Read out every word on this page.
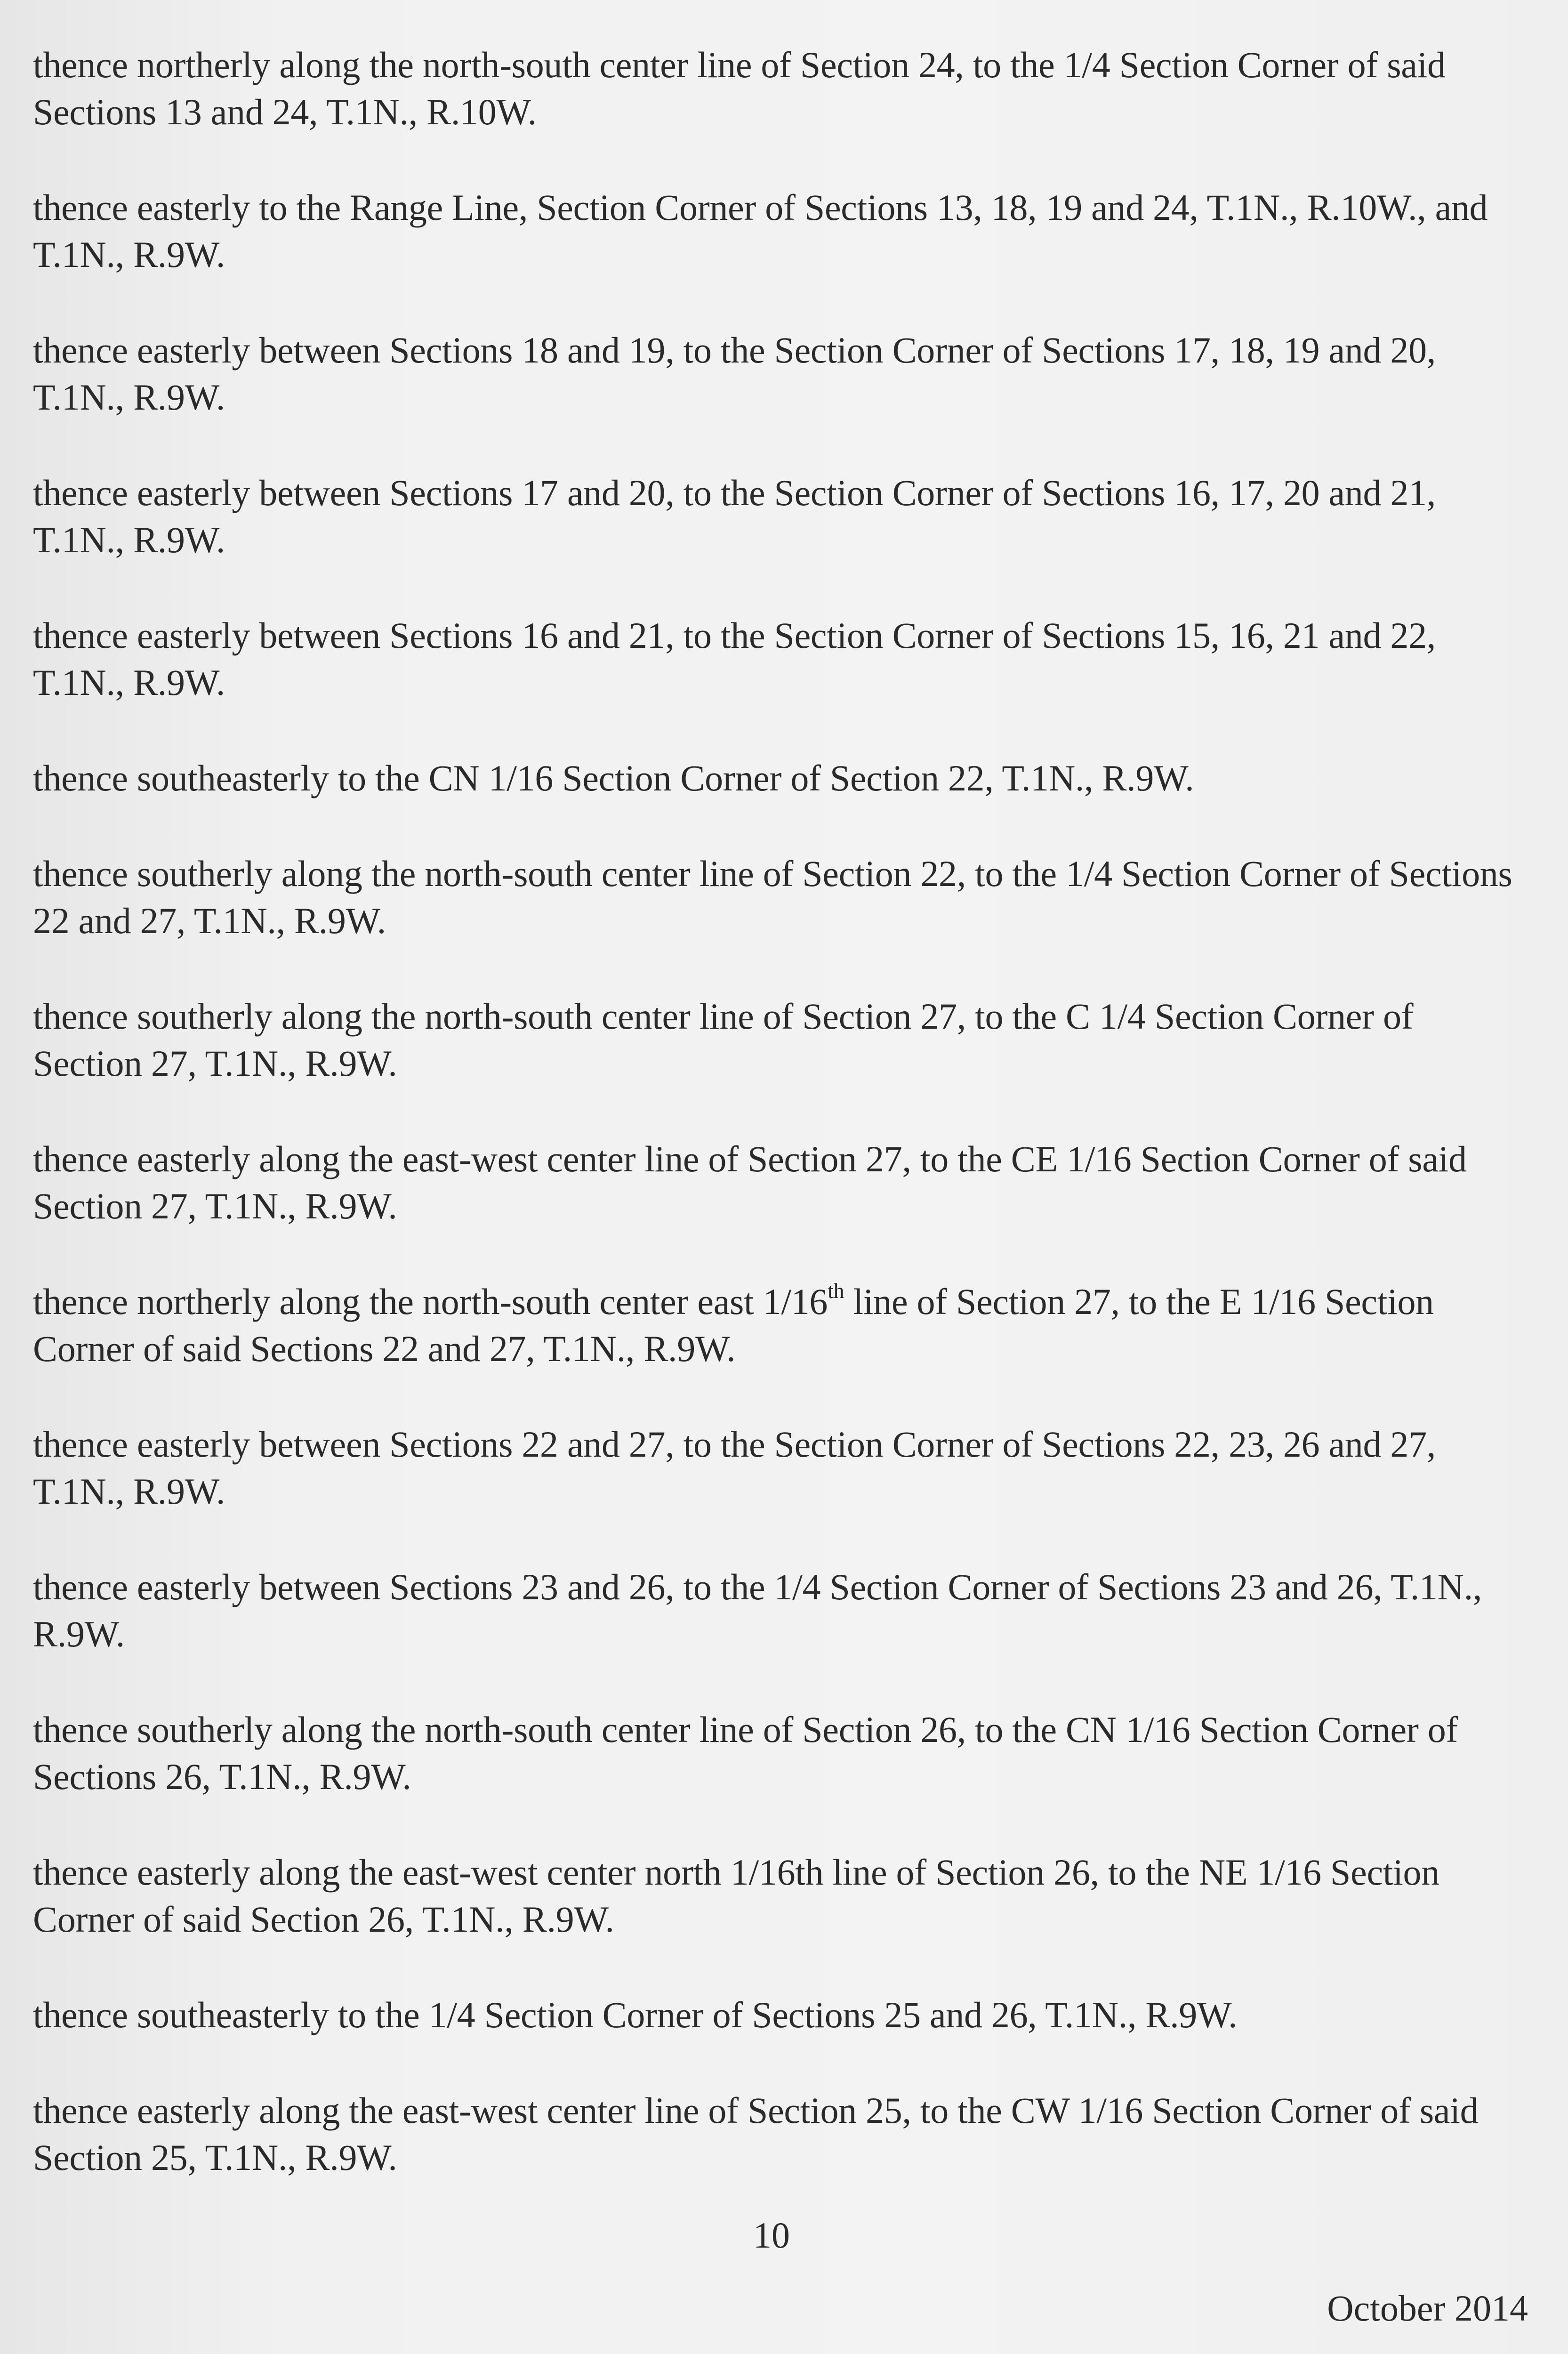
thence northerly along the north-south center line of Section 24, to the 1/4 Section Corner of said Sections 13 and 24, T.1N., R.10W.

thence easterly to the Range Line, Section Corner of Sections 13, 18, 19 and 24, T.1N., R.10W., and T.1N., R.9W.

thence easterly between Sections 18 and 19, to the Section Corner of Sections 17, 18, 19 and 20, T.1N., R.9W.

thence easterly between Sections 17 and 20, to the Section Corner of Sections 16, 17, 20 and 21, T.1N., R.9W.

thence easterly between Sections 16 and 21, to the Section Corner of Sections 15, 16, 21 and 22, T.1N., R.9W.

thence southeasterly to the CN 1/16 Section Corner of Section 22, T.1N., R.9W.

thence southerly along the north-south center line of Section 22, to the 1/4 Section Corner of Sections 22 and 27, T.1N., R.9W.

thence southerly along the north-south center line of Section 27, to the C 1/4 Section Corner of Section 27, T.1N., R.9W.

thence easterly along the east-west center line of Section 27, to the CE 1/16 Section Corner of said Section 27, T.1N., R.9W.

thence northerly along the north-south center east 1/16th line of Section 27, to the E 1/16 Section Corner of said Sections 22 and 27, T.1N., R.9W.

thence easterly between Sections 22 and 27, to the Section Corner of Sections 22, 23, 26 and 27, T.1N., R.9W.

thence easterly between Sections 23 and 26, to the 1/4 Section Corner of Sections 23 and 26, T.1N., R.9W.

thence southerly along the north-south center line of Section 26, to the CN 1/16 Section Corner of Sections 26, T.1N., R.9W.

thence easterly along the east-west center north 1/16th line of Section 26, to the NE 1/16 Section Corner of said Section 26, T.1N., R.9W.

thence southeasterly to the 1/4 Section Corner of Sections 25 and 26, T.1N., R.9W.

thence easterly along the east-west center line of Section 25, to the CW 1/16 Section Corner of said Section 25, T.1N., R.9W.

10
October 2014
